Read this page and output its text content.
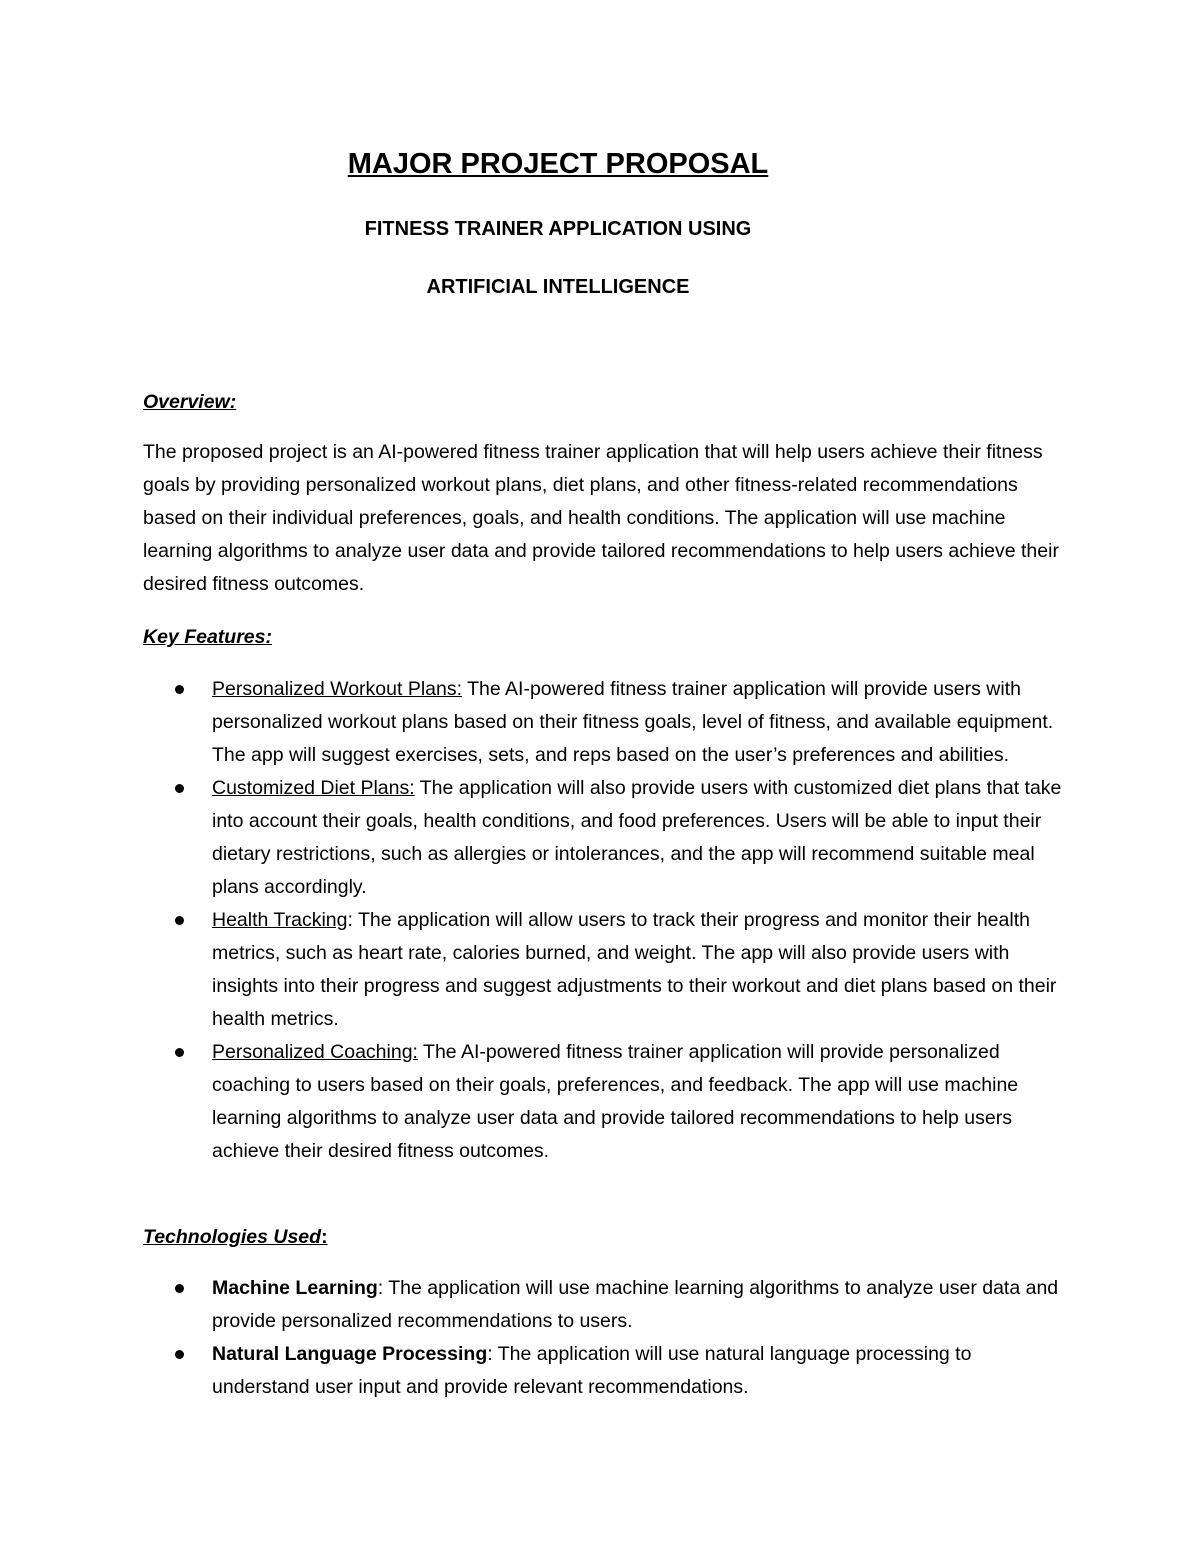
MAJOR PROJECT PROPOSAL
FITNESS TRAINER APPLICATION USING
ARTIFICIAL INTELLIGENCE
Overview:
The proposed project is an AI-powered fitness trainer application that will help users achieve their fitness goals by providing personalized workout plans, diet plans, and other fitness-related recommendations based on their individual preferences, goals, and health conditions. The application will use machine learning algorithms to analyze user data and provide tailored recommendations to help users achieve their desired fitness outcomes.
Key Features:
Personalized Workout Plans: The AI-powered fitness trainer application will provide users with personalized workout plans based on their fitness goals, level of fitness, and available equipment. The app will suggest exercises, sets, and reps based on the user’s preferences and abilities.
Customized Diet Plans: The application will also provide users with customized diet plans that take into account their goals, health conditions, and food preferences. Users will be able to input their dietary restrictions, such as allergies or intolerances, and the app will recommend suitable meal plans accordingly.
Health Tracking: The application will allow users to track their progress and monitor their health metrics, such as heart rate, calories burned, and weight. The app will also provide users with insights into their progress and suggest adjustments to their workout and diet plans based on their health metrics.
Personalized Coaching: The AI-powered fitness trainer application will provide personalized coaching to users based on their goals, preferences, and feedback. The app will use machine learning algorithms to analyze user data and provide tailored recommendations to help users achieve their desired fitness outcomes.
Technologies Used:
Machine Learning: The application will use machine learning algorithms to analyze user data and provide personalized recommendations to users.
Natural Language Processing: The application will use natural language processing to understand user input and provide relevant recommendations.
